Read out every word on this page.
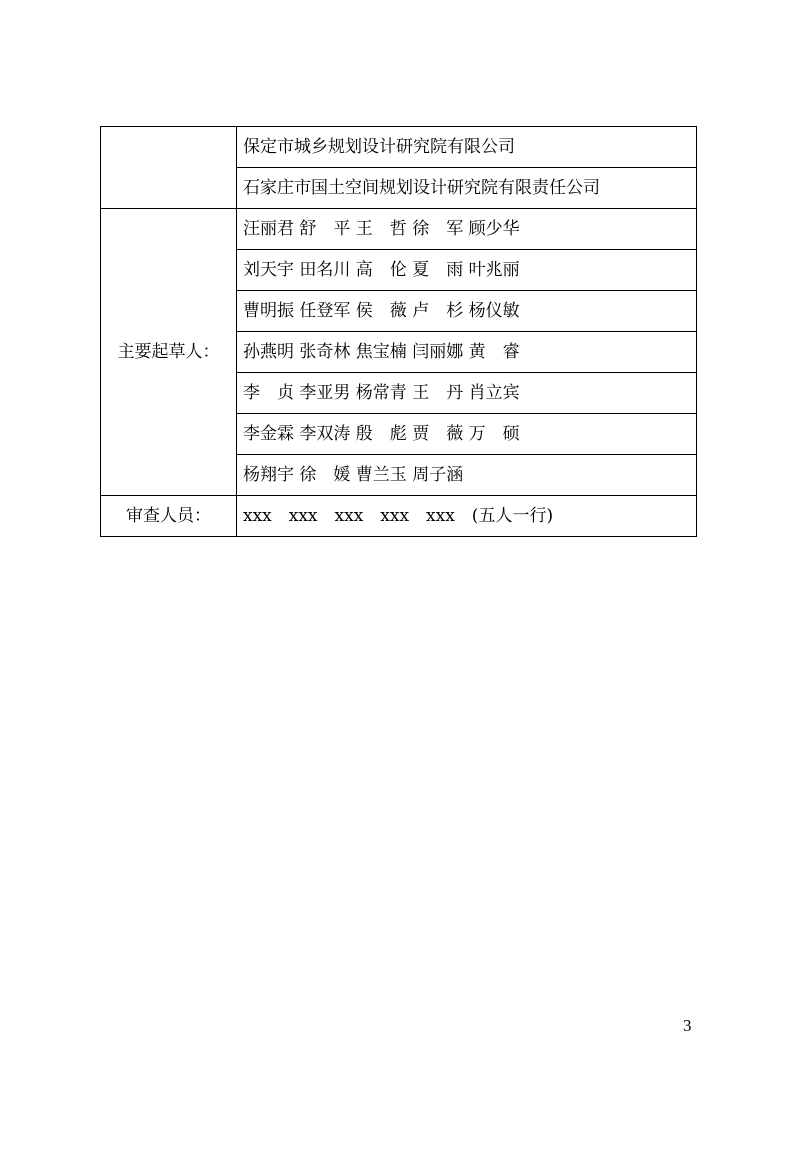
	保定市城乡规划设计研究院有限公司
	石家庄市国土空间规划设计研究院有限责任公司
主要起草人：	汪丽君 舒　平 王　哲 徐　军 顾少华
	刘天宇 田名川 高　伦 夏　雨 叶兆丽
	曹明振 任登军 侯　薇 卢　杉 杨仪敏
	孙燕明 张奇林 焦宝楠 闫丽娜 黄　睿
	李　贞 李亚男 杨常青 王　丹 肖立宾
	李金霖 李双涛 殷　彪 贾　薇 万　硕
	杨翔宇 徐　媛 曹兰玉 周子涵
审查人员：	xxx　xxx　xxx　xxx　xxx　(五人一行)
3
